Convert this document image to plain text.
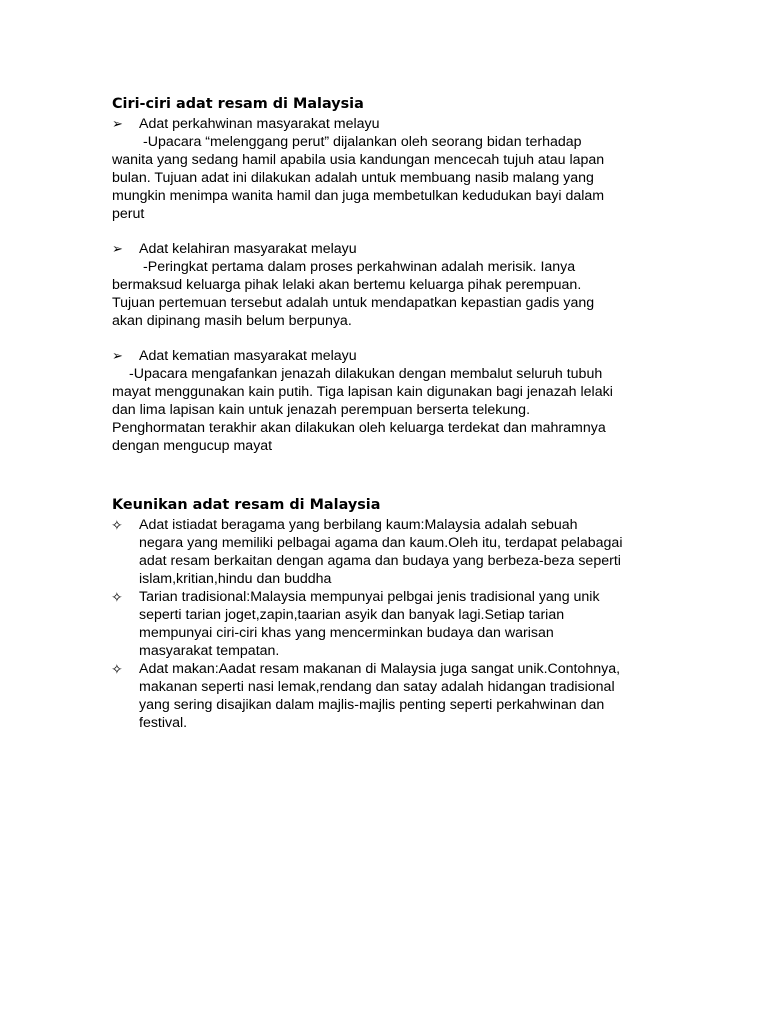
Ciri-ciri adat resam di Malaysia
➢ Adat perkahwinan masyarakat melayu
-Upacara “melenggang perut” dijalankan oleh seorang bidan terhadap
wanita yang sedang hamil apabila usia kandungan mencecah tujuh atau lapan
bulan. Tujuan adat ini dilakukan adalah untuk membuang nasib malang yang
mungkin menimpa wanita hamil dan juga membetulkan kedudukan bayi dalam
perut
➢ Adat kelahiran masyarakat melayu
-Peringkat pertama dalam proses perkahwinan adalah merisik. Ianya
bermaksud keluarga pihak lelaki akan bertemu keluarga pihak perempuan.
Tujuan pertemuan tersebut adalah untuk mendapatkan kepastian gadis yang
akan dipinang masih belum berpunya.
➢ Adat kematian masyarakat melayu
-Upacara mengafankan jenazah dilakukan dengan membalut seluruh tubuh
mayat menggunakan kain putih. Tiga lapisan kain digunakan bagi jenazah lelaki
dan lima lapisan kain untuk jenazah perempuan berserta telekung.
Penghormatan terakhir akan dilakukan oleh keluarga terdekat dan mahramnya
dengan mengucup mayat
Keunikan adat resam di Malaysia
✧ Adat istiadat beragama yang berbilang kaum:Malaysia adalah sebuah
negara yang memiliki pelbagai agama dan kaum.Oleh itu, terdapat pelabagai
adat resam berkaitan dengan agama dan budaya yang berbeza-beza seperti
islam,kritian,hindu dan buddha
✧ Tarian tradisional:Malaysia mempunyai pelbgai jenis tradisional yang unik
seperti tarian joget,zapin,taarian asyik dan banyak lagi.Setiap tarian
mempunyai ciri-ciri khas yang mencerminkan budaya dan warisan
masyarakat tempatan.
✧ Adat makan:Aadat resam makanan di Malaysia juga sangat unik.Contohnya,
makanan seperti nasi lemak,rendang dan satay adalah hidangan tradisional
yang sering disajikan dalam majlis-majlis penting seperti perkahwinan dan
festival.
